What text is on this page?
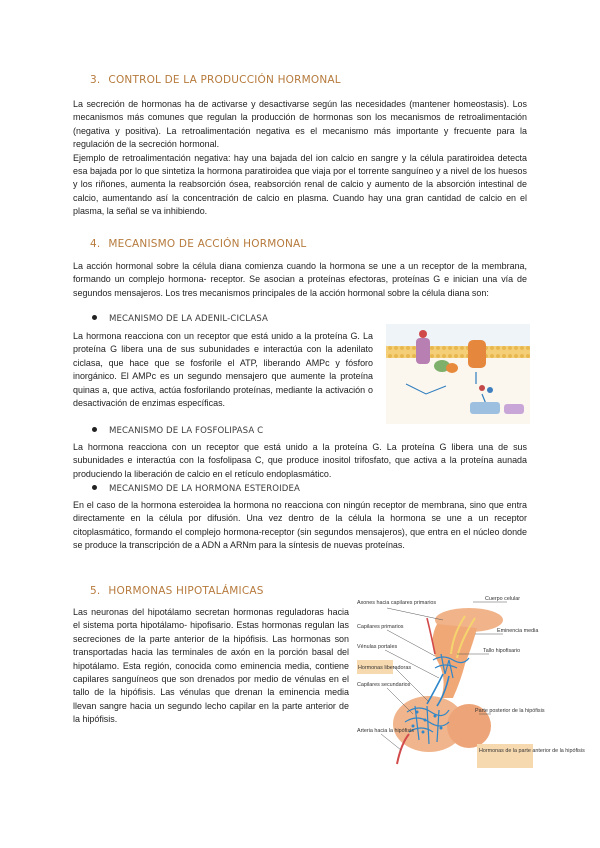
3. CONTROL DE LA PRODUCCIÓN HORMONAL

La secreción de hormonas ha de activarse y desactivarse según las necesidades (mantener homeostasis). Los mecanismos más comunes que regulan la producción de hormonas son los mecanismos de retroalimentación (negativa y positiva). La retroalimentación negativa es el mecanismo más importante y frecuente para la regulación de la secreción hormonal.

Ejemplo de retroalimentación negativa: hay una bajada del ion calcio en sangre y la célula paratiroidea detecta esa bajada por lo que sintetiza la hormona paratiroidea que viaja por el torrente sanguíneo y a nivel de los huesos y los riñones, aumenta la reabsorción ósea, reabsorción renal de calcio y aumento de la absorción intestinal de calcio, aumentando así la concentración de calcio en plasma. Cuando hay una gran cantidad de calcio en el plasma, la señal se va inhibiendo.

4. MECANISMO DE ACCIÓN HORMONAL

La acción hormonal sobre la célula diana comienza cuando la hormona se une a un receptor de la membrana, formando un complejo hormona- receptor. Se asocian a proteínas efectoras, proteínas G e inician una vía de segundos mensajeros. Los tres mecanismos principales de la acción hormonal sobre la célula diana son:

MECANISMO DE LA ADENIL-CICLASA

La hormona reacciona con un receptor que está unido a la proteína G. La proteína G libera una de sus subunidades e interactúa con la adenilato ciclasa, que hace que se fosforile el ATP, liberando AMPc y fósforo inorgánico. El AMPc es un segundo mensajero que aumente la proteína quinas a, que activa, actúa fosforilando proteínas, mediante la activación o desactivación de enzimas específicas.

MECANISMO DE LA FOSFOLIPASA C

La hormona reacciona con un receptor que está unido a la proteína G. La proteína G libera una de sus subunidades e interactúa con la fosfolipasa C, que produce inositol trifosfato, que activa a la proteína aunada produciendo la liberación de calcio en el retículo endoplasmático.

MECANISMO DE LA HORMONA ESTEROIDEA

En el caso de la hormona esteroidea la hormona no reacciona con ningún receptor de membrana, sino que entra directamente en la célula por difusión. Una vez dentro de la célula la hormona se une a un receptor citoplasmático, formando el complejo hormona-receptor (sin segundos mensajeros), que entra en el núcleo donde se produce la transcripción de a ADN a ARNm para la síntesis de nuevas proteínas.

5. HORMONAS HIPOTALÁMICAS

Las neuronas del hipotálamo secretan hormonas reguladoras hacia el sistema porta hipotálamo- hipofisario. Estas hormonas regulan las secreciones de la parte anterior de la hipófisis. Las hormonas son transportadas hacia las terminales de axón en la porción basal del hipotálamo. Esta región, conocida como eminencia media, contiene capilares sanguíneos que son drenados por medio de vénulas en el tallo de la hipófisis. Las vénulas que drenan la eminencia media llevan sangre hacia un segundo lecho capilar en la parte anterior de la hipófisis.

Axones hacia capilares primarios
Capilares primarios
Vénulas portales
Hormonas liberadoras
Capilares secundarios
Arteria hacia la hipófisis
Cuerpo celular
Eminencia media
Tallo hipofisario
Parte posterior de la hipófisis
Hormonas de la parte anterior de la hipófisis
